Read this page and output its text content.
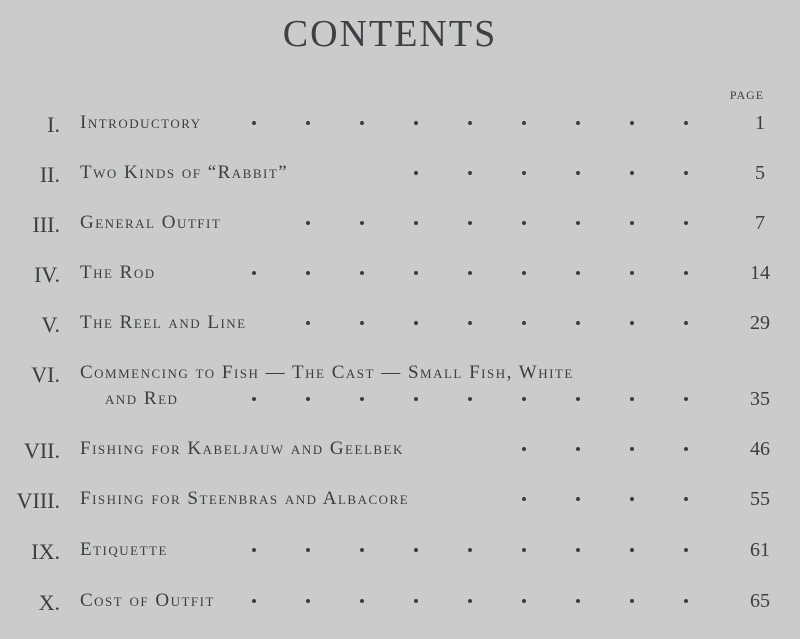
CONTENTS
PAGE
I. Introductory	1
II. Two Kinds of “Rabbit”	5
III. General Outfit	7
IV. The Rod	14
V. The Reel and Line	29
VI. Commencing to Fish — The Cast — Small Fish, White
and Red	35
VII. Fishing for Kabeljauw and Geelbek	46
VIII. Fishing for Steenbras and Albacore	55
IX. Etiquette	61
X. Cost of Outfit	65
